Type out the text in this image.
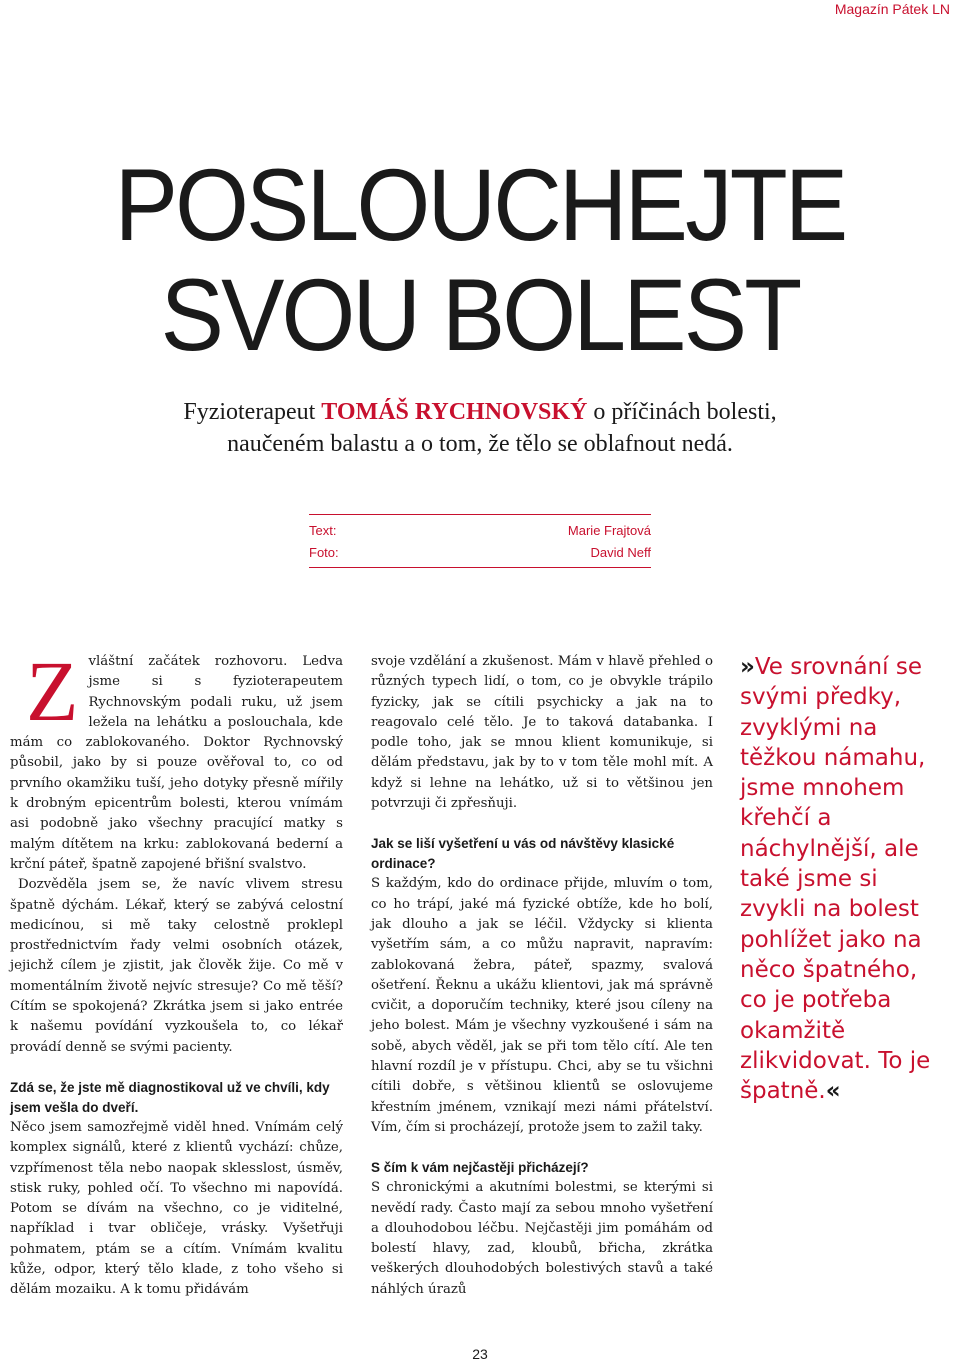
Magazín Pátek LN
POSLOUCHEJTE
SVOU BOLEST
Fyzioterapeut TOMÁŠ RYCHNOVSKÝ o příčinách bolesti,
naučeném balastu a o tom, že tělo se oblafnout nedá.
Text:	Marie Frajtová
Foto:	David Neff
Z vláštní začátek rozhovoru. Ledva jsme si s fyzioterapeutem Rychnovským podali ruku, už jsem ležela na lehátku a poslouchala, kde mám co zablokovaného. Doktor Rychnovský působil, jako by si pouze ověřoval to, co od prvního okamžiku tuší, jeho dotyky přesně mířily k drobným epicentrům bolesti, kterou vnímám asi podobně jako všechny pracující matky s malým dítětem na krku: zablokovaná bederní a krční páteř, špatně zapojené břišní svalstvo.

Dozvěděla jsem se, že navíc vlivem stresu špatně dýchám. Lékař, který se zabývá celostní medicínou, si mě taky celostně proklepl prostřednictvím řady velmi osobních otázek, jejichž cílem je zjistit, jak člověk žije. Co mě v momentálním životě nejvíc stresuje? Co mě těší? Cítím se spokojená? Zkrátka jsem si jako entrée k našemu povídání vyzkoušela to, co lékař provádí denně se svými pacienty.

Zdá se, že jste mě diagnostikoval už ve chvíli, kdy jsem vešla do dveří.

Něco jsem samozřejmě viděl hned. Vnímám celý komplex signálů, které z klientů vychází: chůze, vzpřímenost těla nebo naopak sklesslost, úsměv, stisk ruky, pohled očí. To všechno mi napovídá. Potom se dívám na všechno, co je viditelné, například i tvar obličeje, vrásky. Vyšetřuji pohmatem, ptám se a cítím. Vnímám kvalitu kůže, odpor, který tělo klade, z toho všeho si dělám mozaiku. A k tomu přidávám

svoje vzdělání a zkušenost. Mám v hlavě přehled o různých typech lidí, o tom, co je obvykle trápilo fyzicky, jak se cítili psychicky a jak na to reagovalo celé tělo. Je to taková databanka. I podle toho, jak se mnou klient komunikuje, si dělám představu, jak by to v tom těle mohl mít. A když si lehne na lehátko, už si to většinou jen potvrzuji či zpřesňuji.

Jak se liší vyšetření u vás od návštěvy klasické ordinace?

S každým, kdo do ordinace přijde, mluvím o tom, co ho trápí, jaké má fyzické obtíže, kde ho bolí, jak dlouho a jak se léčil. Vždycky si klienta vyšetřím sám, a co můžu napravit, napravím: zablokovaná žebra, páteř, spazmy, svalová ošetření. Řeknu a ukážu klientovi, jak má správně cvičit, a doporučím techniky, které jsou cíleny na jeho bolest. Mám je všechny vyzkoušené i sám na sobě, abych věděl, jak se při tom tělo cítí. Ale ten hlavní rozdíl je v přístupu. Chci, aby se tu všichni cítili dobře, s většinou klientů se oslovujeme křestním jménem, vznikají mezi námi přátelství. Vím, čím si procházejí, protože jsem to zažil taky.

S čím k vám nejčastěji přicházejí?

S chronickými a akutními bolestmi, se kterými si nevědí rady. Často mají za sebou mnoho vyšetření a dlouhodobou léčbu. Nejčastěji jim pomáhám od bolestí hlavy, zad, kloubů, břicha, zkrátka veškerých dlouhodobých bolestivých stavů a také náhlých úrazů

»Ve srovnání se svými předky, zvyklými na těžkou námahu, jsme mnohem křehčí a náchylnější, ale také jsme si zvykli na bolest pohlížet jako na něco špatného, co je potřeba okamžitě zlikvidovat. To je špatně.«
23
